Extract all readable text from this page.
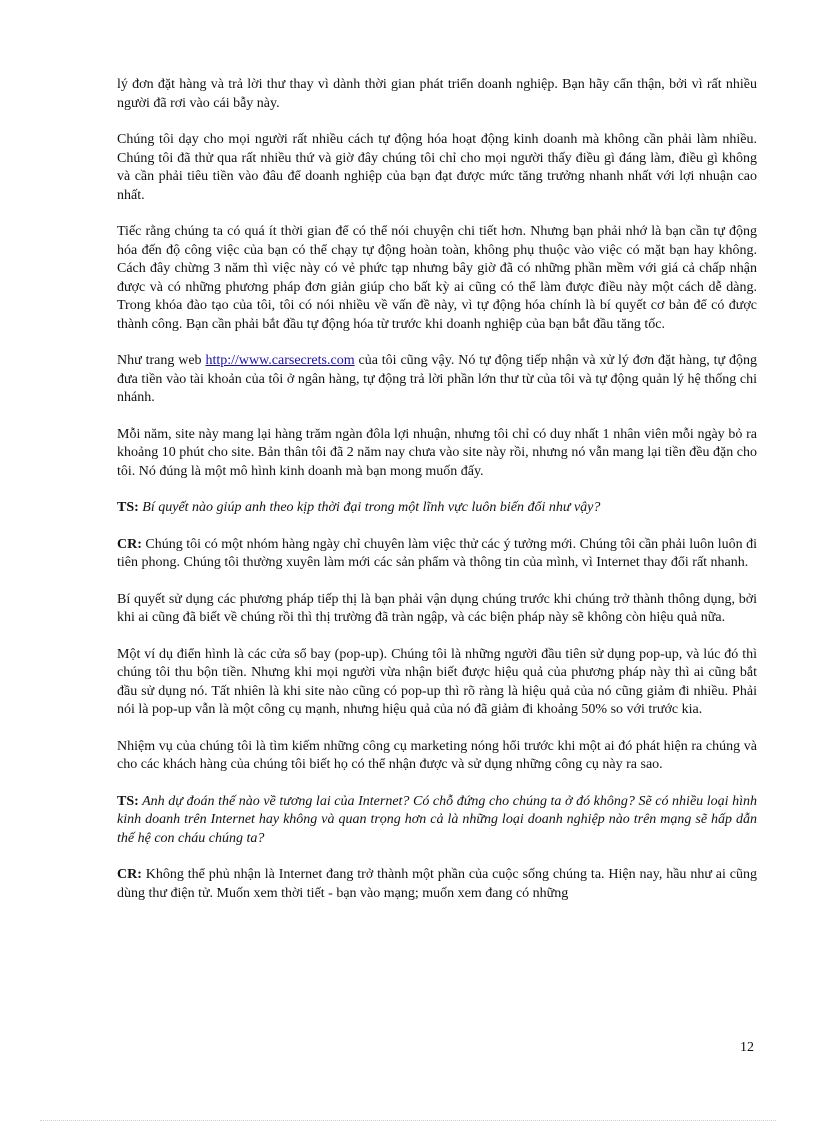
lý đơn đặt hàng và trả lời thư thay vì dành thời gian phát triển doanh nghiệp. Bạn hãy cẩn thận, bởi vì rất nhiều người đã rơi vào cái bẫy này.

Chúng tôi dạy cho mọi người rất nhiều cách tự động hóa hoạt động kinh doanh mà không cần phải làm nhiều. Chúng tôi đã thử qua rất nhiều thứ và giờ đây chúng tôi chỉ cho mọi người thấy điều gì đáng làm, điều gì không và cần phải tiêu tiền vào đâu để doanh nghiệp của bạn đạt được mức tăng trưởng nhanh nhất với lợi nhuận cao nhất.

Tiếc rằng chúng ta có quá ít thời gian để có thể nói chuyện chi tiết hơn. Nhưng bạn phải nhớ là bạn cần tự động hóa đến độ công việc của bạn có thể chạy tự động hoàn toàn, không phụ thuộc vào việc có mặt bạn hay không. Cách đây chừng 3 năm thì việc này có vẻ phức tạp nhưng bây giờ đã có những phần mềm với giá cả chấp nhận được và có những phương pháp đơn giản giúp cho bất kỳ ai cũng có thể làm được điều này một cách dễ dàng. Trong khóa đào tạo của tôi, tôi có nói nhiều về vấn đề này, vì tự động hóa chính là bí quyết cơ bản để có được thành công. Bạn cần phải bắt đầu tự động hóa từ trước khi doanh nghiệp của bạn bắt đầu tăng tốc.

Như trang web http://www.carsecrets.com của tôi cũng vậy. Nó tự động tiếp nhận và xử lý đơn đặt hàng, tự động đưa tiền vào tài khoản của tôi ở ngân hàng, tự động trả lời phần lớn thư từ của tôi và tự động quản lý hệ thống chi nhánh.

Mỗi năm, site này mang lại hàng trăm ngàn đôla lợi nhuận, nhưng tôi chỉ có duy nhất 1 nhân viên mỗi ngày bỏ ra khoảng 10 phút cho site. Bản thân tôi đã 2 năm nay chưa vào site này rồi, nhưng nó vẫn mang lại tiền đều đặn cho tôi. Nó đúng là một mô hình kinh doanh mà bạn mong muốn đấy.

TS: Bí quyết nào giúp anh theo kịp thời đại trong một lĩnh vực luôn biến đổi như vậy?

CR: Chúng tôi có một nhóm hàng ngày chỉ chuyên làm việc thử các ý tưởng mới. Chúng tôi cần phải luôn luôn đi tiên phong. Chúng tôi thường xuyên làm mới các sản phẩm và thông tin của mình, vì Internet thay đổi rất nhanh.

Bí quyết sử dụng các phương pháp tiếp thị là bạn phải vận dụng chúng trước khi chúng trở thành thông dụng, bởi khi ai cũng đã biết về chúng rồi thì thị trường đã tràn ngập, và các biện pháp này sẽ không còn hiệu quả nữa.

Một ví dụ điển hình là các cửa sổ bay (pop-up). Chúng tôi là những người đầu tiên sử dụng pop-up, và lúc đó thì chúng tôi thu bộn tiền. Nhưng khi mọi người vừa nhận biết được hiệu quả của phương pháp này thì ai cũng bắt đầu sử dụng nó. Tất nhiên là khi site nào cũng có pop-up thì rõ ràng là hiệu quả của nó cũng giảm đi nhiều. Phải nói là pop-up vẫn là một công cụ mạnh, nhưng hiệu quả của nó đã giảm đi khoảng 50% so với trước kia.

Nhiệm vụ của chúng tôi là tìm kiếm những công cụ marketing nóng hổi trước khi một ai đó phát hiện ra chúng và cho các khách hàng của chúng tôi biết họ có thể nhận được và sử dụng những công cụ này ra sao.

TS: Anh dự đoán thế nào về tương lai của Internet? Có chỗ đứng cho chúng ta ở đó không? Sẽ có nhiều loại hình kinh doanh trên Internet hay không và quan trọng hơn cả là những loại doanh nghiệp nào trên mạng sẽ hấp dẫn thế hệ con cháu chúng ta?

CR: Không thể phủ nhận là Internet đang trở thành một phần của cuộc sống chúng ta. Hiện nay, hầu như ai cũng dùng thư điện tử. Muốn xem thời tiết - bạn vào mạng; muốn xem đang có những

12
